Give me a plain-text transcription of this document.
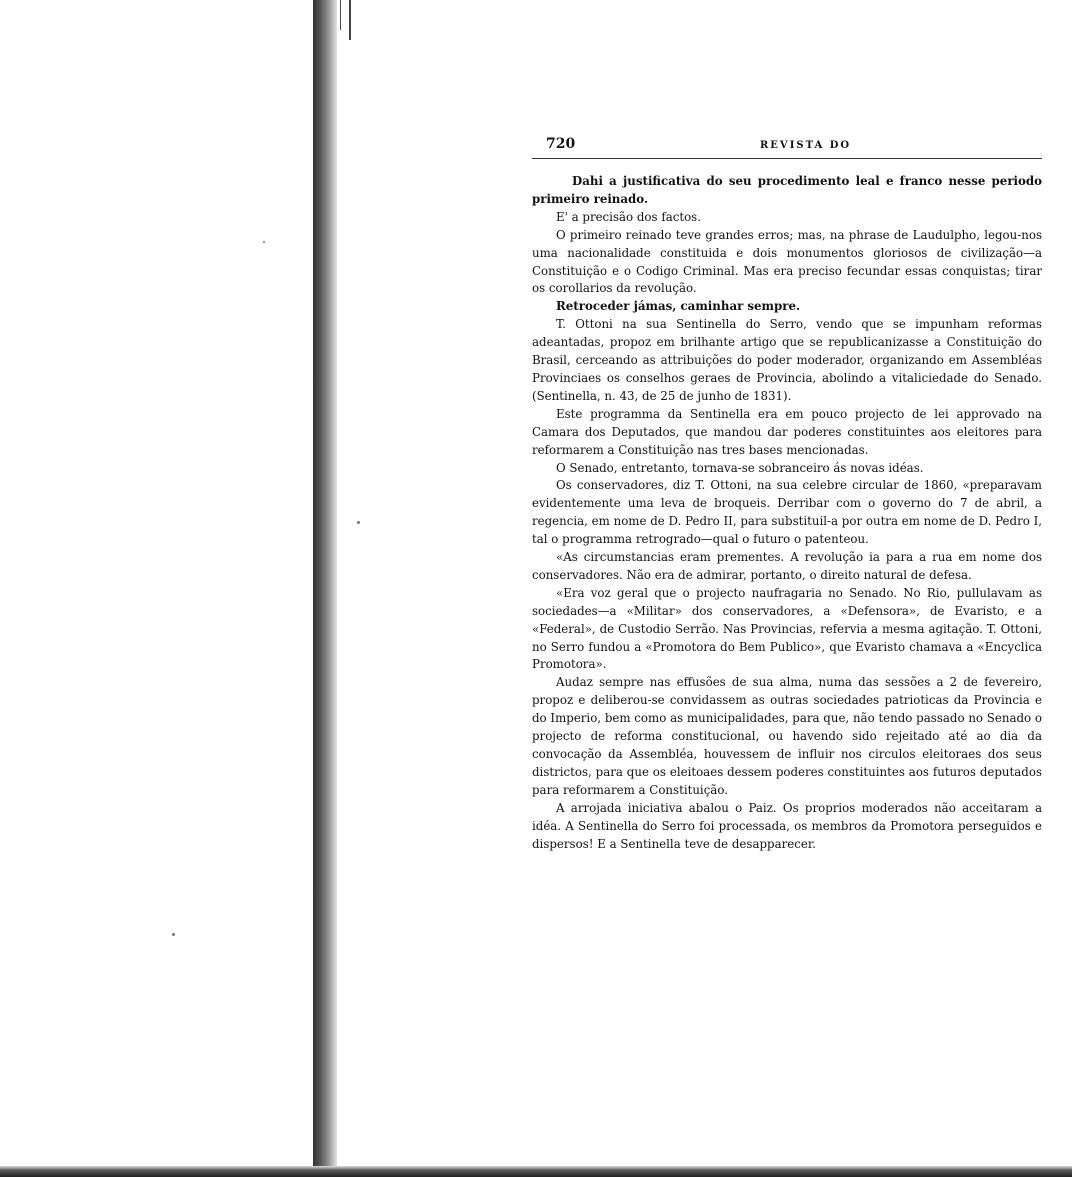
720	REVISTA DO

Dahi a justificativa do seu procedimento leal e franco nesse periodo primeiro reinado.

E' a precisão dos factos.

O primeiro reinado teve grandes erros; mas, na phrase de Laudulpho, legou-nos uma nacionalidade constituida e dois monumentos gloriosos de civilização—a Constituição e o Codigo Criminal. Mas era preciso fecundar essas conquistas; tirar os corollarios da revolução.

Retroceder jámas, caminhar sempre.

T. Ottoni na sua Sentinella do Serro, vendo que se impunham reformas adeantadas, propoz em brilhante artigo que se republicanizasse a Constituição do Brasil, cerceando as attribuições do poder moderador, organizando em Assembléas Provinciaes os conselhos geraes de Provincia, abolindo a vitaliciedade do Senado. (Sentinella, n. 43, de 25 de junho de 1831).

Este programma da Sentinella era em pouco projecto de lei approvado na Camara dos Deputados, que mandou dar poderes constituintes aos eleitores para reformarem a Constituição nas tres bases mencionadas.

O Senado, entretanto, tornava-se sobranceiro ás novas idéas.

Os conservadores, diz T. Ottoni, na sua celebre circular de 1860, «preparavam evidentemente uma leva de broqueis. Derribar com o governo do 7 de abril, a regencia, em nome de D. Pedro II, para substituil-a por outra em nome de D. Pedro I, tal o programma retrogrado—qual o futuro o patenteou.

«As circumstancias eram prementes. A revolução ia para a rua em nome dos conservadores. Não era de admirar, portanto, o direito natural de defesa.

«Era voz geral que o projecto naufragaria no Senado. No Rio, pullulavam as sociedades—a «Militar» dos conservadores, a «Defensora», de Evaristo, e a «Federal», de Custodio Serrão. Nas Provincias, refervia a mesma agitação. T. Ottoni, no Serro fundou a «Promotora do Bem Publico», que Evaristo chamava a «Encyclica Promotora».

Audaz sempre nas effusões de sua alma, numa das sessões a 2 de fevereiro, propoz e deliberou-se convidassem as outras sociedades patrioticas da Provincia e do Imperio, bem como as municipalidades, para que, não tendo passado no Senado o projecto de reforma constitucional, ou havendo sido rejeitado até ao dia da convocação da Assembléa, houvessem de influir nos circulos eleitoraes dos seus districtos, para que os eleitoaes dessem poderes constituintes aos futuros deputados para reformarem a Constituição.

A arrojada iniciativa abalou o Paiz. Os proprios moderados não acceitaram a idéa. A Sentinella do Serro foi processada, os membros da Promotora perseguidos e dispersos! E a Sentinella teve de desapparecer.
